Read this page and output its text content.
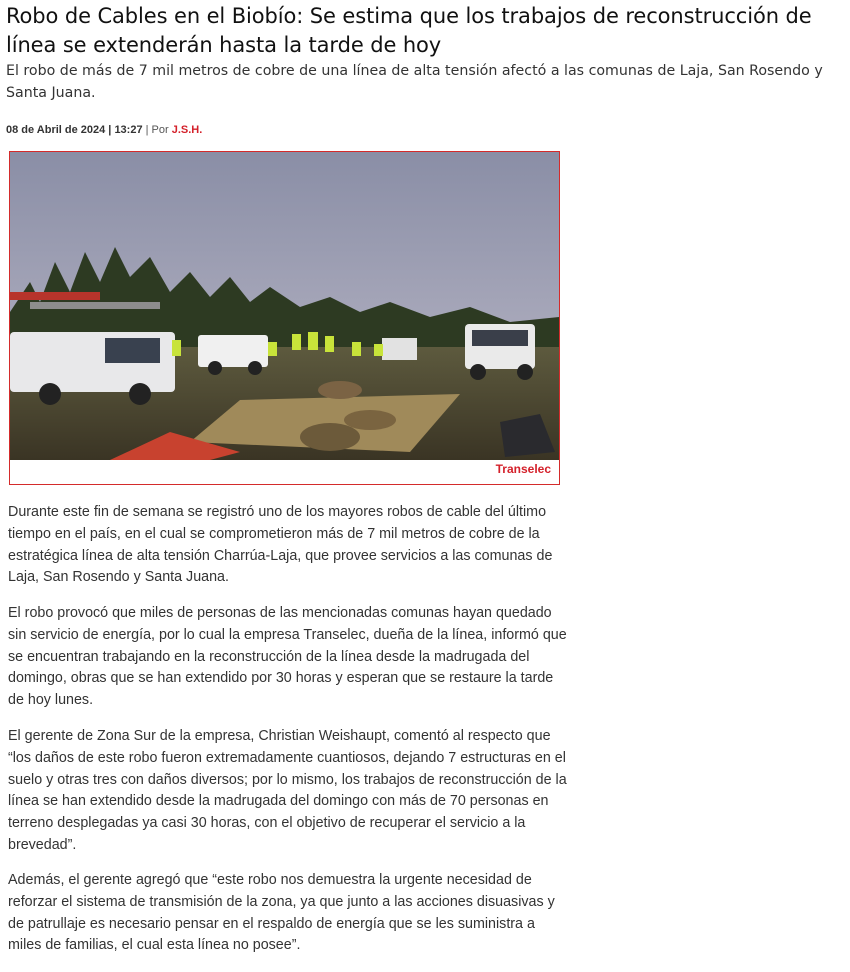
Robo de Cables en el Biobío: Se estima que los trabajos de reconstrucción de línea se extenderán hasta la tarde de hoy

El robo de más de 7 mil metros de cobre de una línea de alta tensión afectó a las comunas de Laja, San Rosendo y Santa Juana.

08 de Abril de 2024 | 13:27 | Por J.S.H.
Transelec

Durante este fin de semana se registró uno de los mayores robos de cable del último tiempo en el país, en el cual se comprometieron más de 7 mil metros de cobre de la estratégica línea de alta tensión Charrúa-Laja, que provee servicios a las comunas de Laja, San Rosendo y Santa Juana.

El robo provocó que miles de personas de las mencionadas comunas hayan quedado sin servicio de energía, por lo cual la empresa Transelec, dueña de la línea, informó que se encuentran trabajando en la reconstrucción de la línea desde la madrugada del domingo, obras que se han extendido por 30 horas y esperan que se restaure la tarde de hoy lunes.

El gerente de Zona Sur de la empresa, Christian Weishaupt, comentó al respecto que “los daños de este robo fueron extremadamente cuantiosos, dejando 7 estructuras en el suelo y otras tres con daños diversos; por lo mismo, los trabajos de reconstrucción de la línea se han extendido desde la madrugada del domingo con más de 70 personas en terreno desplegadas ya casi 30 horas, con el objetivo de recuperar el servicio a la brevedad”.

Además, el gerente agregó que “este robo nos demuestra la urgente necesidad de reforzar el sistema de transmisión de la zona, ya que junto a las acciones disuasivas y de patrullaje es necesario pensar en el respaldo de energía que se les suministra a miles de familias, el cual esta línea no posee”.
